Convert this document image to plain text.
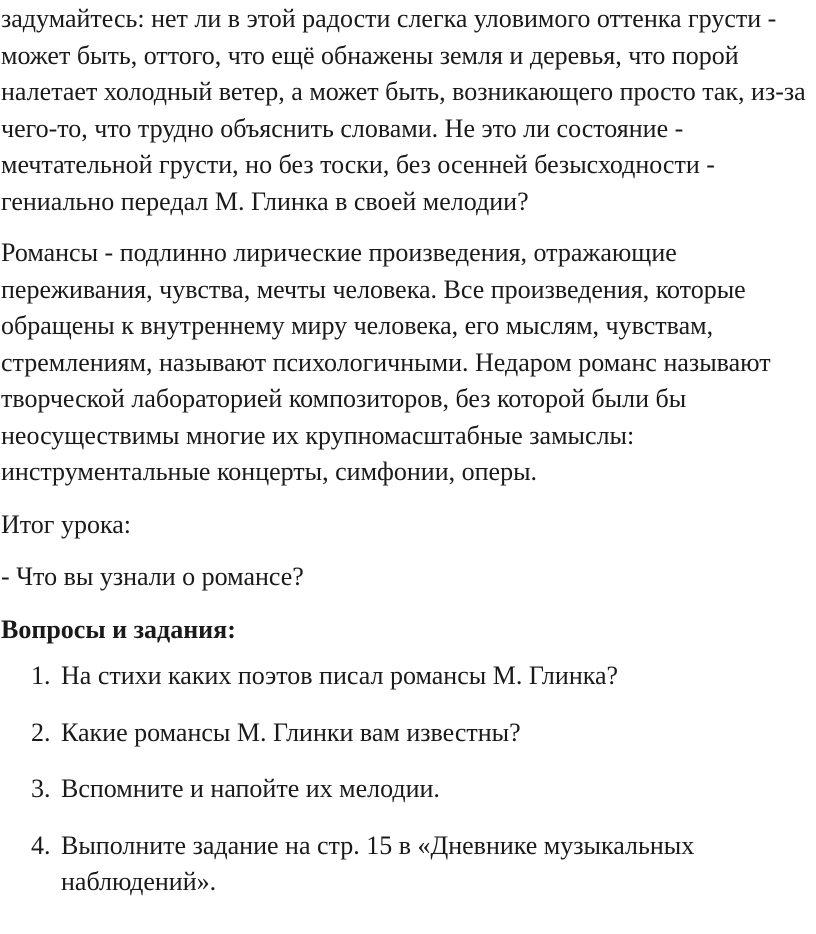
задумайтесь: нет ли в этой радости слегка уловимого оттенка грусти - может быть, оттого, что ещё обнажены земля и деревья, что порой налетает холодный ветер, а может быть, возникающего просто так, из-за чего-то, что трудно объяснить словами. Не это ли состояние - мечтательной грусти, но без тоски, без осенней безысходности - гениально передал М. Глинка в своей мелодии?

Романсы - подлинно лирические произведения, отражающие переживания, чувства, мечты человека. Все произведения, которые обращены к внутреннему миру человека, его мыслям, чувствам, стремлениям, называют психологичными. Недаром романс называют творческой лабораторией композиторов, без которой были бы неосуществимы многие их крупномасштабные замыслы: инструментальные концерты, симфонии, оперы.

Итог урока:

- Что вы узнали о романсе?

Вопросы и задания:

1. На стихи каких поэтов писал романсы М. Глинка?
2. Какие романсы М. Глинки вам известны?
3. Вспомните и напойте их мелодии.
4. Выполните задание на стр. 15 в «Дневнике музыкальных наблюдений».
